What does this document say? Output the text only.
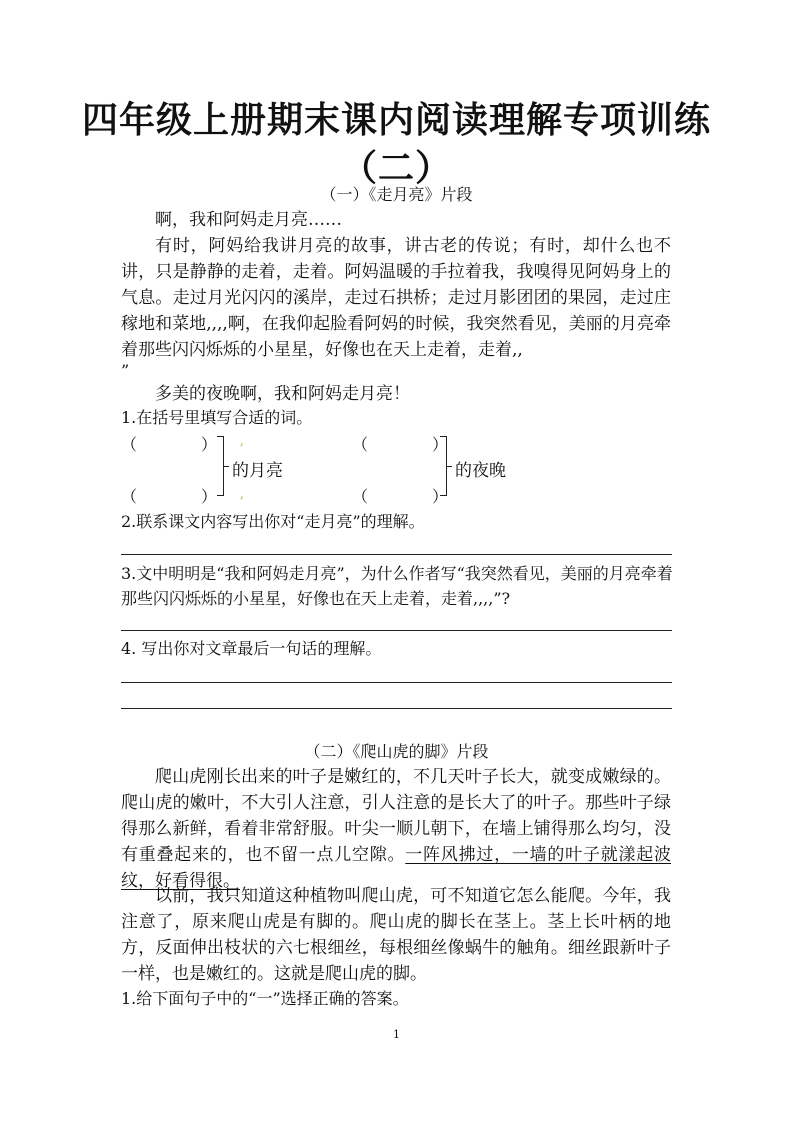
四年级上册期末课内阅读理解专项训练
（二）
（一）《走月亮》片段

啊，我和阿妈走月亮……

有时，阿妈给我讲月亮的故事，讲古老的传说；有时，却什么也不讲，只是静静的走着，走着。阿妈温暖的手拉着我，我嗅得见阿妈身上的气息。走过月光闪闪的溪岸，走过石拱桥；走过月影团团的果园，走过庄稼地和菜地,,,,啊，在我仰起脸看阿妈的时候，我突然看见，美丽的月亮牵着那些闪闪烁烁的小星星，好像也在天上走着，走着,,

”

多美的夜晚啊，我和阿妈走月亮！

1.在括号里填写合适的词。
（　　　　）
（　　　　）
的月亮
,
,
（　　　　）
（　　　　）
的夜晚
2.联系课文内容写出你对“走月亮”的理解。
3.文中明明是“我和阿妈走月亮”，为什么作者写“我突然看见，美丽的月亮牵着那些闪闪烁烁的小星星，好像也在天上走着，走着,,,,”?
4. 写出你对文章最后一句话的理解。
（二）《爬山虎的脚》片段

爬山虎刚长出来的叶子是嫩红的，不几天叶子长大，就变成嫩绿的。爬山虎的嫩叶，不大引人注意，引人注意的是长大了的叶子。那些叶子绿得那么新鲜，看着非常舒服。叶尖一顺儿朝下，在墙上铺得那么均匀，没有重叠起来的，也不留一点儿空隙。一阵风拂过，一墙的叶子就漾起波纹，好看得很。

以前，我只知道这种植物叫爬山虎，可不知道它怎么能爬。今年，我注意了，原来爬山虎是有脚的。爬山虎的脚长在茎上。茎上长叶柄的地方，反面伸出枝状的六七根细丝，每根细丝像蜗牛的触角。细丝跟新叶子一样，也是嫩红的。这就是爬山虎的脚。

1.给下面句子中的“一”选择正确的答案。
1
